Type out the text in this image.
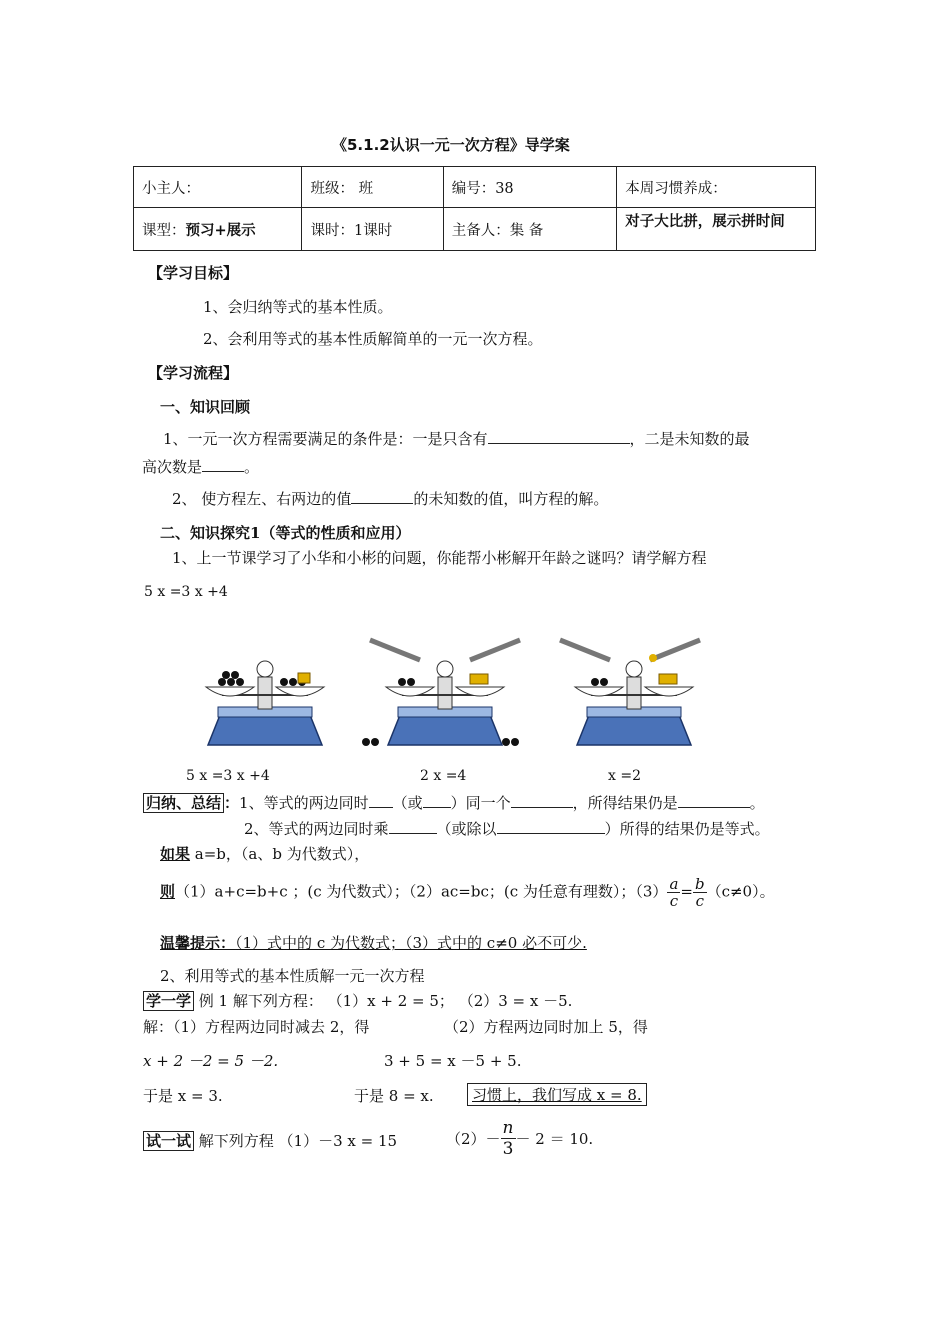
《5.1.2认识一元一次方程》导学案
小主人：	班级： 班	编号：38	本周习惯养成：
课型：预习+展示	课时：1课时	主备人：集 备	对子大比拼，展示拼时间
【学习目标】
1、会归纳等式的基本性质。
2、会利用等式的基本性质解简单的一元一次方程。
【学习流程】
一、知识回顾
1、一元一次方程需要满足的条件是：一是只含有	，二是未知数的最
高次数是	。
2、 使方程左、右两边的值	的未知数的值，叫方程的解。
二、知识探究1（等式的性质和应用）
1、上一节课学习了小华和小彬的问题，你能帮小彬解开年龄之谜吗？请学解方程
5 x =3 x +4
5 x =3 x +4	2 x =4	x =2
归纳、总结 ：1、等式的两边同时 （或 ）同一个	，所得结果仍是	。
2、等式的两边同时乘	（或除以	）所得的结果仍是等式。
如果 a=b，（a、b 为代数式），
则（1）a+c=b+c ；(c 为代数式）；（2）ac=bc；(c 为任意有理数）；$(3) \frac{a}{c} = \frac{b}{c} (c\ne 0)$。
温馨提示：（1）式中的 c 为代数式；（3）式中的 c≠0 必不可少.
2、利用等式的基本性质解一元一次方程
学一学 例 1 解下列方程： （1）x + 2 = 5； （2）3 = x －5.
解：（1）方程两边同时减去 2，得	（2）方程两边同时加上 5，得
x + 2 －2 = 5 －2.	3 + 5 = x －5 + 5.
于是 x = 3.	于是 8 = x.	习惯上，我们写成 x = 8.
试一试 解下列方程 （1）－3 x = 15	$(2)- \frac{n}{3} - 2 = 10$.
